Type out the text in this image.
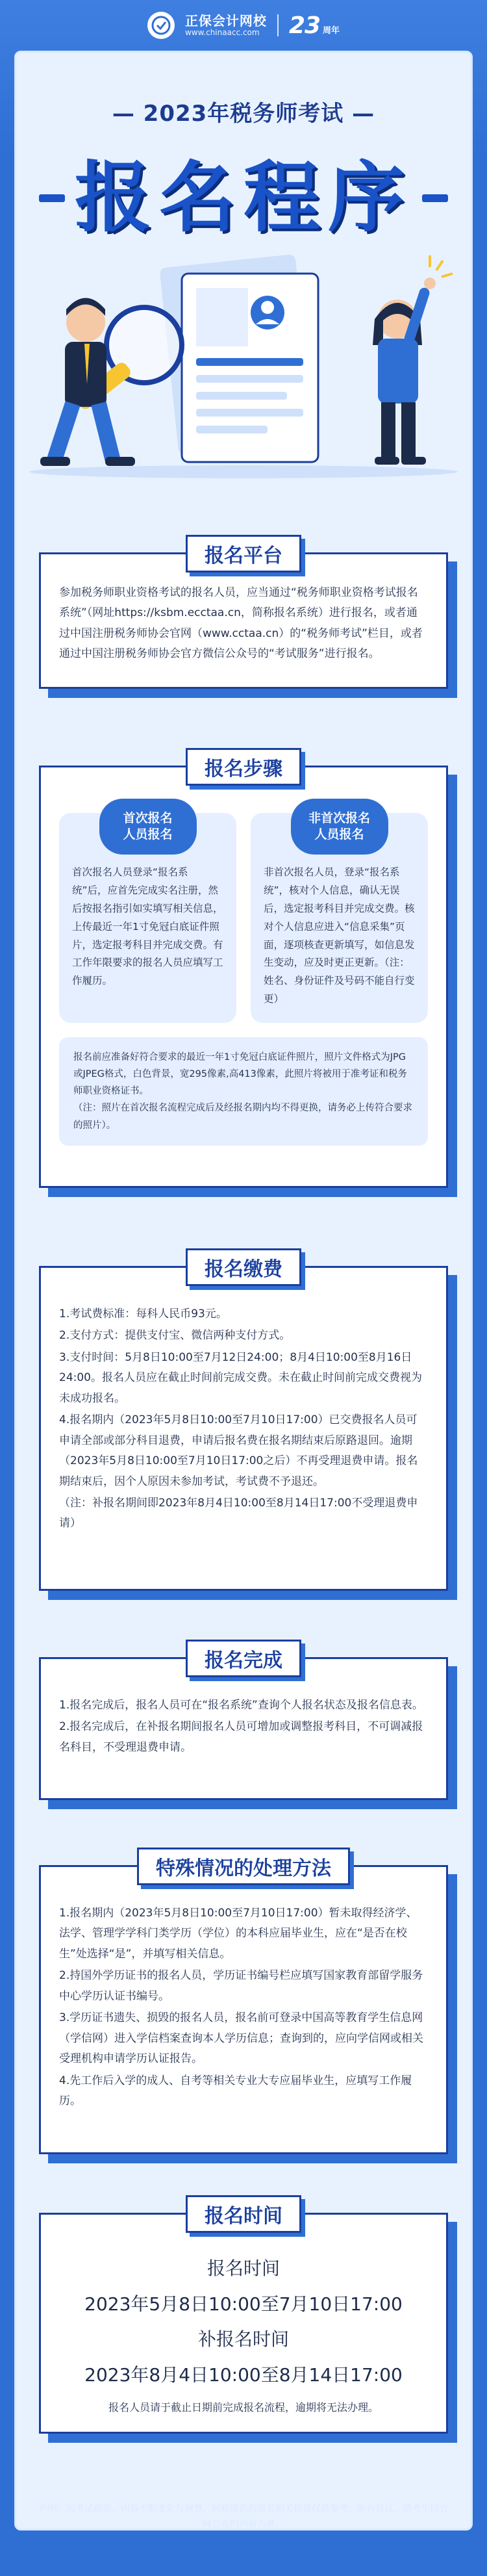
正保会计网校
www.chinaacc.com	23 周年
— 2023年税务师考试 —
报名程序
报名平台

参加税务师职业资格考试的报名人员，应当通过“税务师职业资格考试报名系统”（网址https://ksbm.ecctaa.cn，简称报名系统）进行报名，或者通过中国注册税务师协会官网（www.cctaa.cn）的“税务师考试”栏目，或者通过中国注册税务师协会官方微信公众号的“考试服务”进行报名。

报名步骤
首次报名
人员报名

首次报名人员登录“报名系统”后，应首先完成实名注册，然后按报名指引如实填写相关信息，上传最近一年1寸免冠白底证件照片，选定报考科目并完成交费。有工作年限要求的报名人员应填写工作履历。

非首次报名
人员报名

非首次报名人员，登录“报名系统”，核对个人信息，确认无误后，选定报考科目并完成交费。核对个人信息应进入“信息采集”页面，逐项核查更新填写，如信息发生变动，应及时更正更新。（注：姓名、身份证件及号码不能自行变更）

报名前应准备好符合要求的最近一年1寸免冠白底证件照片，照片文件格式为JPG或JPEG格式，白色背景，宽295像素,高413像素，此照片将被用于准考证和税务师职业资格证书。
（注：照片在首次报名流程完成后及经报名期内均不得更换，请务必上传符合要求的照片）。
报名缴费

1.考试费标准：每科人民币93元。

2.支付方式：提供支付宝、微信两种支付方式。

3.支付时间：5月8日10:00至7月12日24:00；8月4日10:00至8月16日24:00。报名人员应在截止时间前完成交费。未在截止时间前完成交费视为未成功报名。

4.报名期内（2023年5月8日10:00至7月10日17:00）已交费报名人员可申请全部或部分科目退费，申请后报名费在报名期结束后原路退回。逾期（2023年5月8日10:00至7月10日17:00之后）不再受理退费申请。报名期结束后，因个人原因未参加考试，考试费不予退还。

（注：补报名期间即2023年8月4日10:00至8月14日17:00不受理退费申请）

报名完成

1.报名完成后，报名人员可在“报名系统”查询个人报名状态及报名信息表。

2.报名完成后，在补报名期间报名人员可增加或调整报考科目，不可调减报名科目，不受理退费申请。

特殊情况的处理方法

1.报名期内（2023年5月8日10:00至7月10日17:00）暂未取得经济学、法学、管理学学科门类学历（学位）的本科应届毕业生，应在“是否在校生”处选择“是”，并填写相关信息。

2.持国外学历证书的报名人员，学历证书编号栏应填写国家教育部留学服务中心学历认证书编号。

3.学历证书遗失、损毁的报名人员，报名前可登录中国高等教育学生信息网（学信网）进入学信档案查询本人学历信息；查询到的，应向学信网或相关受理机构申请学历认证报告。

4.先工作后入学的成人、自考等相关专业大专应届毕业生，应填写工作履历。

报名时间
报名时间
2023年5月8日10:00至7月10日17:00
补报名时间
2023年8月4日10:00至8月14日17:00
报名人员请于截止日期前完成报名流程，逾期将无法办理。
声明：因考试政策、内容不断变化与调整，网校提供的报名相关信息仅供参考，如有异议，请考生以官网公布的内容为准。
